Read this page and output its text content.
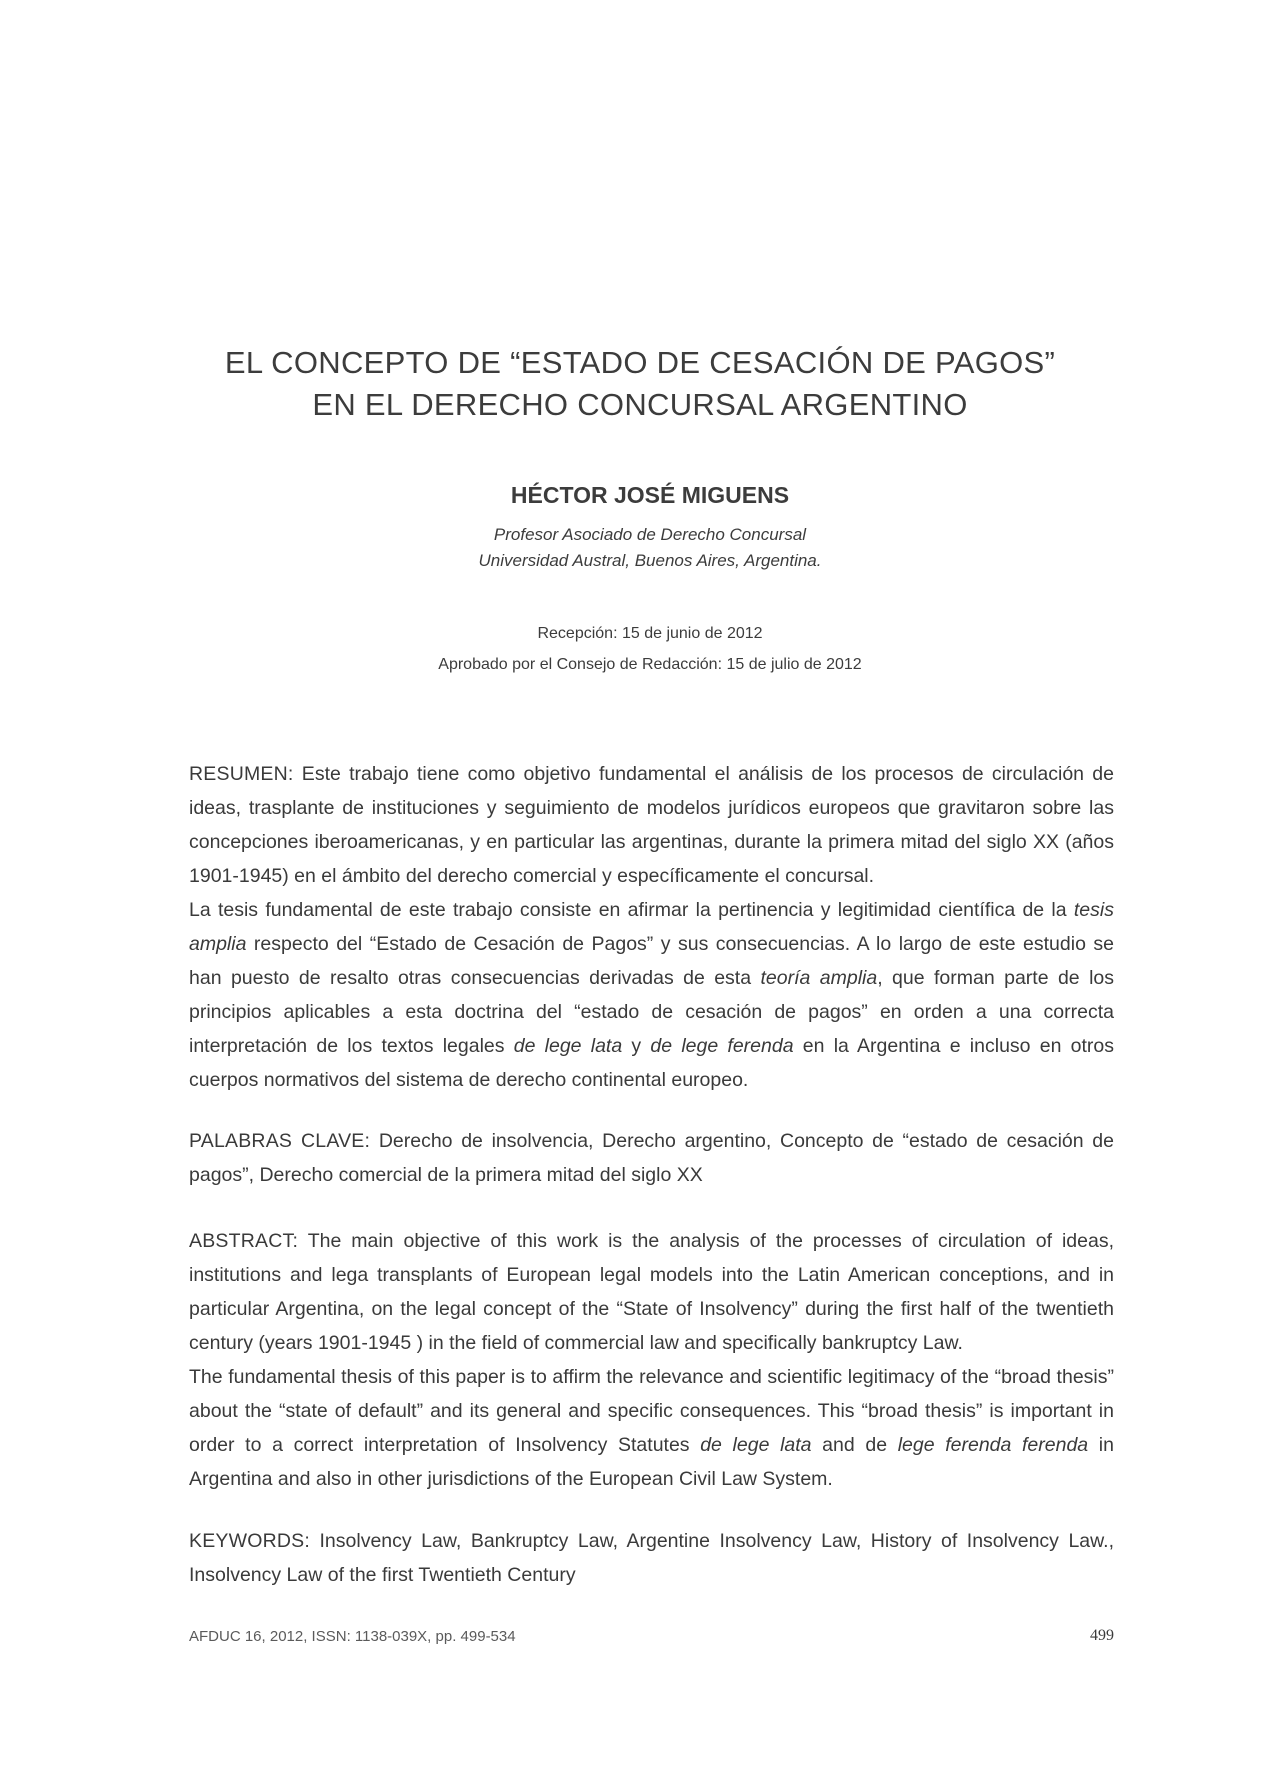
EL CONCEPTO DE “ESTADO DE CESACIÓN DE PAGOS”
EN EL DERECHO CONCURSAL ARGENTINO
HÉCTOR JOSÉ MIGUENS
Profesor Asociado de Derecho Concursal
Universidad Austral, Buenos Aires, Argentina.
Recepción: 15 de junio de 2012
Aprobado por el Consejo de Redacción: 15 de julio de 2012

RESUMEN: Este trabajo tiene como objetivo fundamental el análisis de los procesos de circulación de ideas, trasplante de instituciones y seguimiento de modelos jurídicos europeos que gravitaron sobre las concepciones iberoamericanas, y en particular las argentinas, durante la primera mitad del siglo XX (años 1901-1945) en el ámbito del derecho comercial y específicamente el concursal.

La tesis fundamental de este trabajo consiste en afirmar la pertinencia y legitimidad científica de la tesis amplia respecto del “Estado de Cesación de Pagos” y sus consecuencias. A lo largo de este estudio se han puesto de resalto otras consecuencias derivadas de esta teoría amplia, que forman parte de los principios aplicables a esta doctrina del “estado de cesación de pagos” en orden a una correcta interpretación de los textos legales de lege lata y de lege ferenda en la Argentina e incluso en otros cuerpos normativos del sistema de derecho continental europeo.

PALABRAS CLAVE: Derecho de insolvencia, Derecho argentino, Concepto de “estado de cesación de pagos”, Derecho comercial de la primera mitad del siglo XX

ABSTRACT: The main objective of this work is the analysis of the processes of circulation of ideas, institutions and lega transplants of European legal models into the Latin American conceptions, and in particular Argentina, on the legal concept of the “State of Insolvency” during the first half of the twentieth century (years 1901-1945 ) in the field of commercial law and specifically bankruptcy Law.

The fundamental thesis of this paper is to affirm the relevance and scientific legitimacy of the “broad thesis” about the “state of default” and its general and specific consequences. This “broad thesis” is important in order to a correct interpretation of Insolvency Statutes de lege lata and de lege ferenda ferenda in Argentina and also in other jurisdictions of the European Civil Law System.

KEYWORDS: Insolvency Law, Bankruptcy Law, Argentine Insolvency Law, History of Insolvency Law., Insolvency Law of the first Twentieth Century

AFDUC 16, 2012, ISSN: 1138-039X, pp. 499-534	499
